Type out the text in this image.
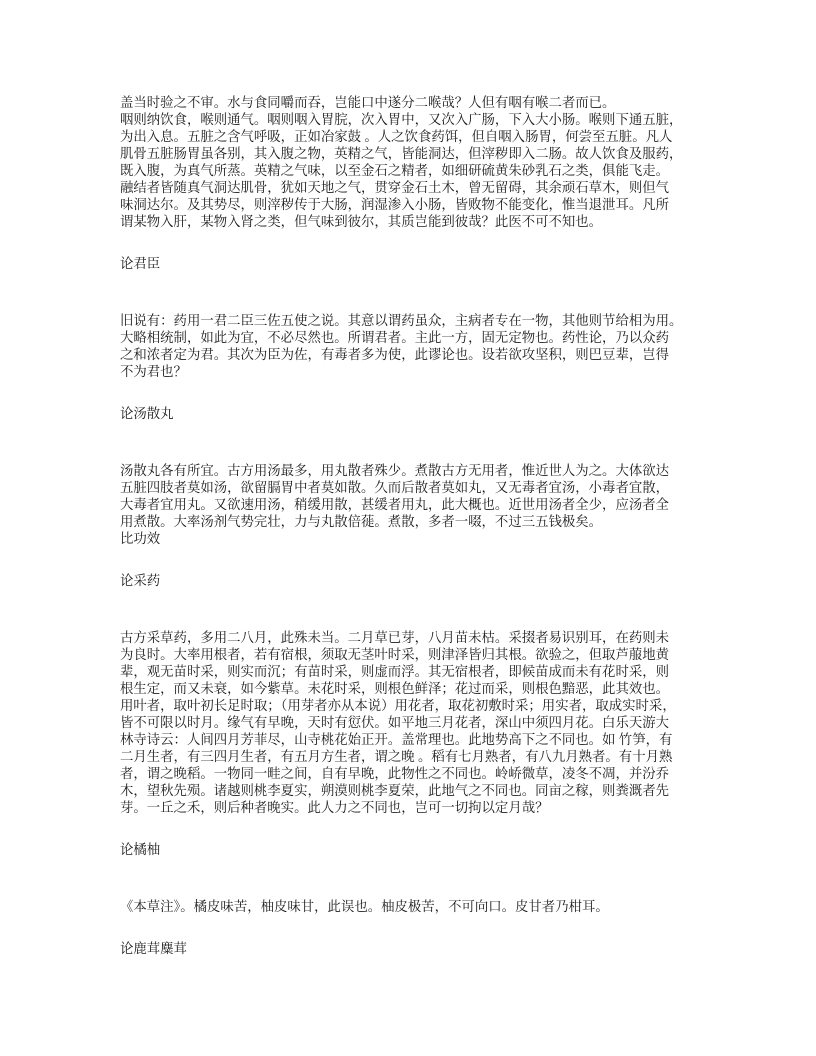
盖当时验之不审。水与食同嚼而吞，岂能口中遂分二喉哉？人但有咽有喉二者而已。
咽则纳饮食，喉则通气。咽则咽入胃脘，次入胃中，又次入广肠，下入大小肠。喉则下通五脏，
为出入息。五脏之含气呼吸，正如冶家鼓 。人之饮食药饵，但自咽入肠胃，何尝至五脏。凡人
肌骨五脏肠胃虽各别，其入腹之物，英精之气，皆能洞达，但滓秽即入二肠。故人饮食及服药，
既入腹，为真气所蒸。英精之气味，以至金石之精者，如细研硫黄朱砂乳石之类，俱能飞走。
融结者皆随真气洞达肌骨，犹如天地之气，贯穿金石土木，曾无留碍，其余顽石草木，则但气
味洞达尔。及其势尽，则滓秽传于大肠，润湿渗入小肠，皆败物不能变化，惟当退泄耳。凡所
谓某物入肝，某物入肾之类，但气味到彼尔，其质岂能到彼哉？此医不可不知也。
论君臣
旧说有：药用一君二臣三佐五使之说。其意以谓药虽众，主病者专在一物，其他则节给相为用。
大略相统制，如此为宜，不必尽然也。所谓君者。主此一方，固无定物也。药性论，乃以众药
之和浓者定为君。其次为臣为佐，有毒者多为使，此谬论也。设若欲攻坚积，则巴豆辈，岂得
不为君也？
论汤散丸
汤散丸各有所宜。古方用汤最多，用丸散者殊少。煮散古方无用者，惟近世人为之。大体欲达
五脏四肢者莫如汤，欲留膈胃中者莫如散。久而后散者莫如丸，又无毒者宜汤，小毒者宜散，
大毒者宜用丸。又欲速用汤，稍缓用散，甚缓者用丸，此大概也。近世用汤者全少，应汤者全
用煮散。大率汤剂气势完壮，力与丸散倍蓰。煮散，多者一啜，不过三五钱极矣。
比功效
论采药
古方采草药，多用二八月，此殊未当。二月草已芽，八月苗未枯。采掇者易识别耳，在药则未
为良时。大率用根者，若有宿根，须取无茎叶时采，则津泽皆归其根。欲验之，但取芦菔地黄
辈，观无苗时采，则实而沉；有苗时采，则虚而浮。其无宿根者，即候苗成而未有花时采，则
根生定，而又未衰，如今紫草。未花时采，则根色鲜泽；花过而采，则根色黯恶，此其效也。
用叶者，取叶初长足时取；（用芽者亦从本说）用花者，取花初敷时采；用实者，取成实时采，
皆不可限以时月。缘气有早晚，天时有愆伏。如平地三月花者，深山中须四月花。白乐天游大
林寺诗云：人间四月芳菲尽，山寺桃花始正开。盖常理也。此地势高下之不同也。如 竹笋，有
二月生者，有三四月生者，有五月方生者，谓之晚 。稻有七月熟者，有八九月熟者。有十月熟
者，谓之晚稻。一物同一畦之间，自有早晚，此物性之不同也。岭峤微草，凌冬不凋，并汾乔
木，望秋先殒。诸越则桃李夏实，朔漠则桃李夏荣，此地气之不同也。同亩之稼，则粪溉者先
芽。一丘之禾，则后种者晚实。此人力之不同也，岂可一切拘以定月哉？
论橘柚
《本草注》。橘皮味苦，柚皮味甘，此误也。柚皮极苦，不可向口。皮甘者乃柑耳。
论鹿茸麋茸
